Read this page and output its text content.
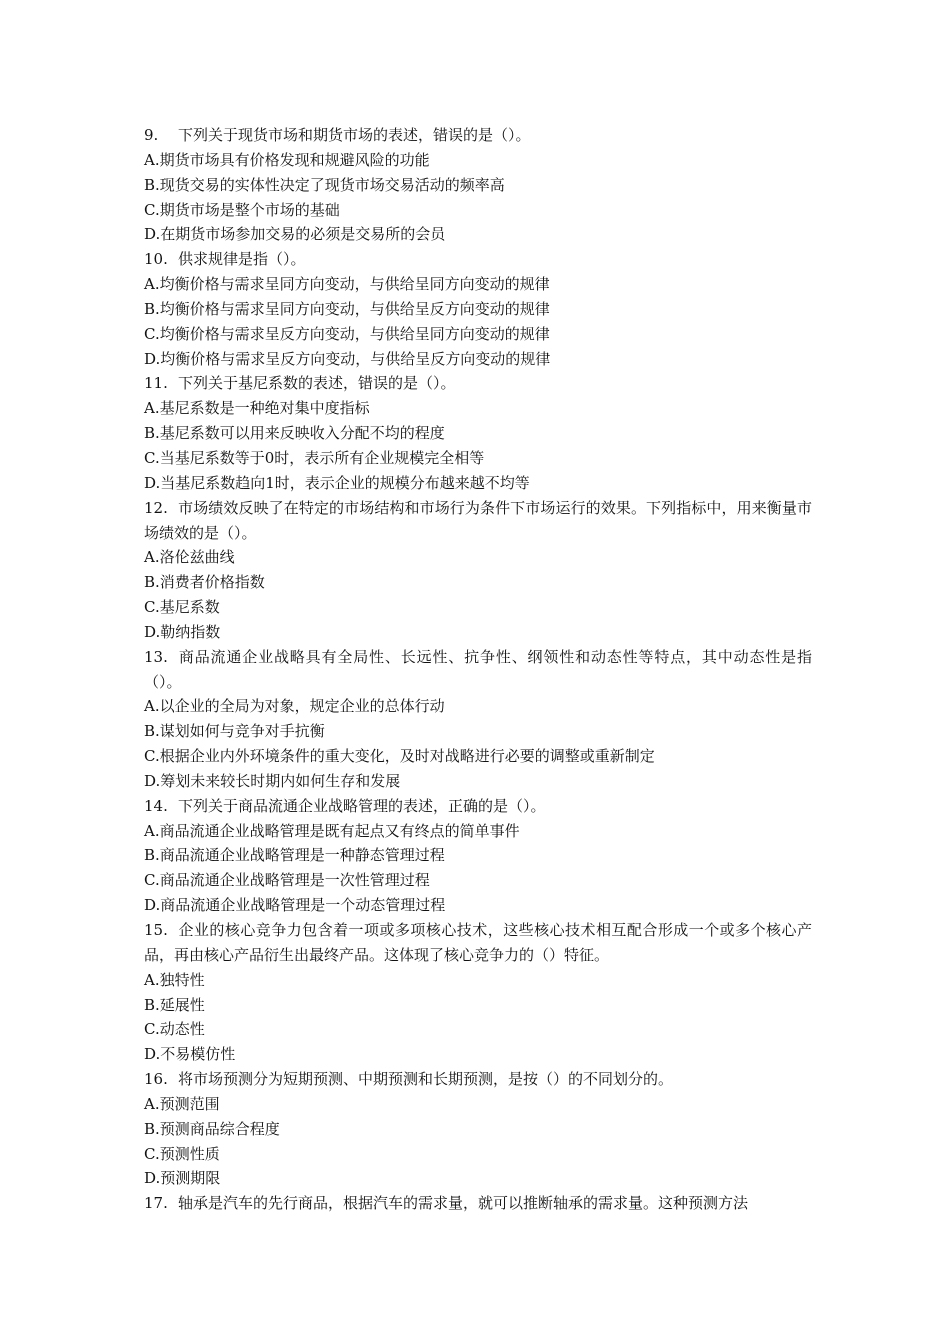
9. 下列关于现货市场和期货市场的表述，错误的是（）。
A.期货市场具有价格发现和规避风险的功能
B.现货交易的实体性决定了现货市场交易活动的频率高
C.期货市场是整个市场的基础
D.在期货市场参加交易的必须是交易所的会员
10. 供求规律是指（）。
A.均衡价格与需求呈同方向变动，与供给呈同方向变动的规律
B.均衡价格与需求呈同方向变动，与供给呈反方向变动的规律
C.均衡价格与需求呈反方向变动，与供给呈同方向变动的规律
D.均衡价格与需求呈反方向变动，与供给呈反方向变动的规律
11. 下列关于基尼系数的表述，错误的是（）。
A.基尼系数是一种绝对集中度指标
B.基尼系数可以用来反映收入分配不均的程度
C.当基尼系数等于0时，表示所有企业规模完全相等
D.当基尼系数趋向1时，表示企业的规模分布越来越不均等
12. 市场绩效反映了在特定的市场结构和市场行为条件下市场运行的效果。下列指标中，用来衡量市场绩效的是（）。
A.洛伦兹曲线
B.消费者价格指数
C.基尼系数
D.勒纳指数
13. 商品流通企业战略具有全局性、长远性、抗争性、纲领性和动态性等特点，其中动态性是指（）。
A.以企业的全局为对象，规定企业的总体行动
B.谋划如何与竞争对手抗衡
C.根据企业内外环境条件的重大变化，及时对战略进行必要的调整或重新制定
D.筹划未来较长时期内如何生存和发展
14. 下列关于商品流通企业战略管理的表述，正确的是（）。
A.商品流通企业战略管理是既有起点又有终点的简单事件
B.商品流通企业战略管理是一种静态管理过程
C.商品流通企业战略管理是一次性管理过程
D.商品流通企业战略管理是一个动态管理过程
15. 企业的核心竞争力包含着一项或多项核心技术，这些核心技术相互配合形成一个或多个核心产品，再由核心产品衍生出最终产品。这体现了核心竞争力的（）特征。
A.独特性
B.延展性
C.动态性
D.不易模仿性
16. 将市场预测分为短期预测、中期预测和长期预测，是按（）的不同划分的。
A.预测范围
B.预测商品综合程度
C.预测性质
D.预测期限
17. 轴承是汽车的先行商品，根据汽车的需求量，就可以推断轴承的需求量。这种预测方法
